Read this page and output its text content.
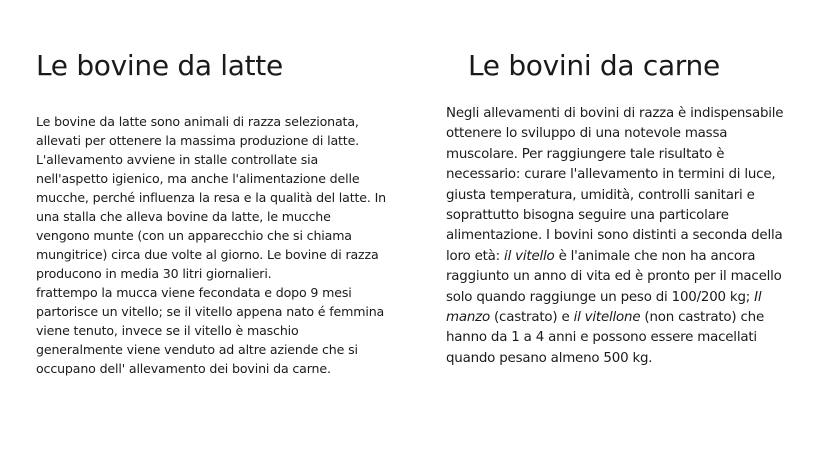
Le bovine da latte

Le bovine da latte sono animali di razza selezionata, allevati per ottenere la massima produzione di latte. L'allevamento avviene in stalle controllate sia nell'aspetto igienico, ma anche l'alimentazione delle mucche, perché influenza la resa e la qualità del latte. In una stalla che alleva bovine da latte, le mucche vengono munte (con un apparecchio che si chiama mungitrice) circa due volte al giorno. Le bovine di razza producono in media 30 litri giornalieri.

frattempo la mucca viene fecondata e dopo 9 mesi partorisce un vitello; se il vitello appena nato é femmina viene tenuto, invece se il vitello è maschio generalmente viene venduto ad altre aziende che si occupano dell' allevamento dei bovini da carne.

Le bovini da carne

Negli allevamenti di bovini di razza è indispensabile ottenere lo sviluppo di una notevole massa muscolare. Per raggiungere tale risultato è necessario: curare l'allevamento in termini di luce, giusta temperatura, umidità, controlli sanitari e soprattutto bisogna seguire una particolare alimentazione. I bovini sono distinti a seconda della loro età: il vitello è l'animale che non ha ancora raggiunto un anno di vita ed è pronto per il macello solo quando raggiunge un peso di 100/200 kg; Il manzo (castrato) e il vitellone (non castrato) che hanno da 1 a 4 anni e possono essere macellati quando pesano almeno 500 kg.
